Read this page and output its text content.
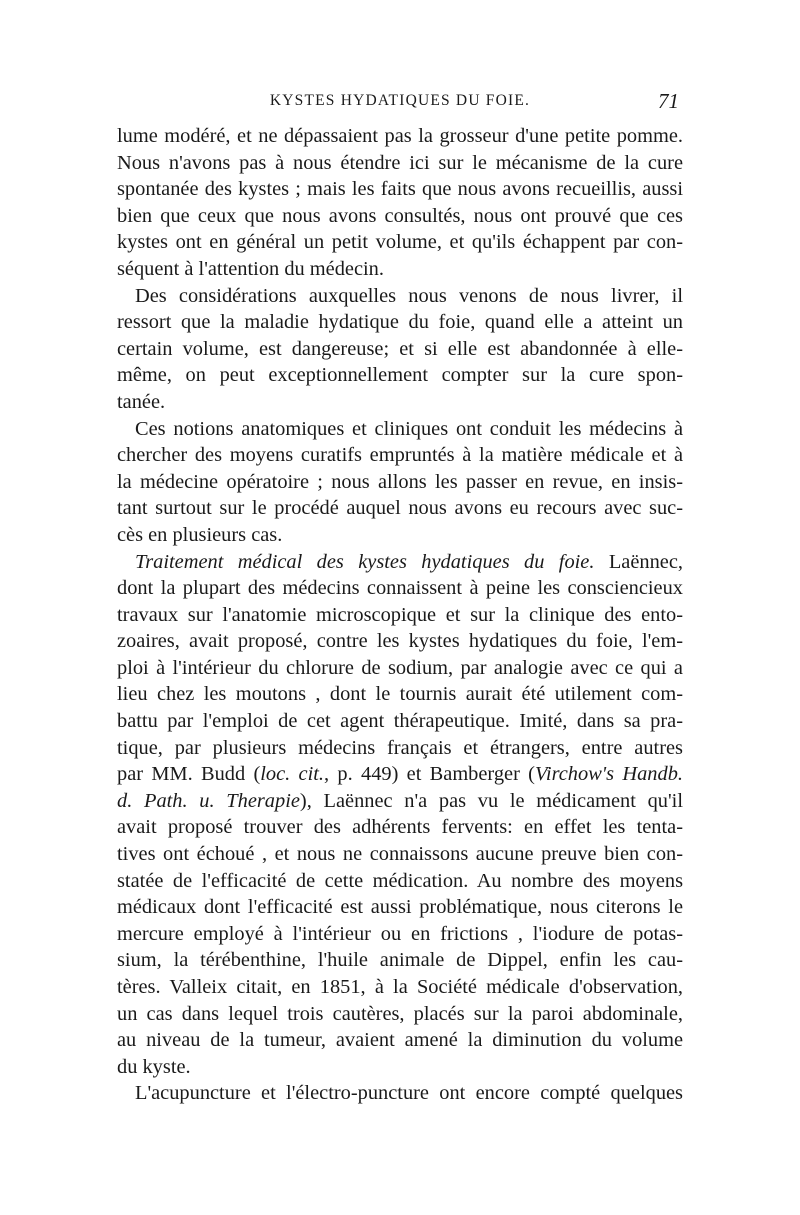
KYSTES HYDATIQUES DU FOIE.	71
lume modéré, et ne dépassaient pas la grosseur d'une petite pomme.
Nous n'avons pas à nous étendre ici sur le mécanisme de la cure
spontanée des kystes ; mais les faits que nous avons recueillis, aussi
bien que ceux que nous avons consultés, nous ont prouvé que ces
kystes ont en général un petit volume, et qu'ils échappent par con-
séquent à l'attention du médecin.
Des considérations auxquelles nous venons de nous livrer, il
ressort que la maladie hydatique du foie, quand elle a atteint un
certain volume, est dangereuse; et si elle est abandonnée à elle-
même, on peut exceptionnellement compter sur la cure spon-
tanée.
Ces notions anatomiques et cliniques ont conduit les médecins à
chercher des moyens curatifs empruntés à la matière médicale et à
la médecine opératoire ; nous allons les passer en revue, en insis-
tant surtout sur le procédé auquel nous avons eu recours avec suc-
cès en plusieurs cas.
Traitement médical des kystes hydatiques du foie. Laënnec,
dont la plupart des médecins connaissent à peine les consciencieux
travaux sur l'anatomie microscopique et sur la clinique des ento-
zoaires, avait proposé, contre les kystes hydatiques du foie, l'em-
ploi à l'intérieur du chlorure de sodium, par analogie avec ce qui a
lieu chez les moutons , dont le tournis aurait été utilement com-
battu par l'emploi de cet agent thérapeutique. Imité, dans sa pra-
tique, par plusieurs médecins français et étrangers, entre autres
par MM. Budd (loc. cit., p. 449) et Bamberger (Virchow's Handb.
d. Path. u. Therapie), Laënnec n'a pas vu le médicament qu'il
avait proposé trouver des adhérents fervents: en effet les tenta-
tives ont échoué , et nous ne connaissons aucune preuve bien con-
statée de l'efficacité de cette médication. Au nombre des moyens
médicaux dont l'efficacité est aussi problématique, nous citerons le
mercure employé à l'intérieur ou en frictions , l'iodure de potas-
sium, la térébenthine, l'huile animale de Dippel, enfin les cau-
tères. Valleix citait, en 1851, à la Société médicale d'observation,
un cas dans lequel trois cautères, placés sur la paroi abdominale,
au niveau de la tumeur, avaient amené la diminution du volume
du kyste.
L'acupuncture et l'électro-puncture ont encore compté quelques
